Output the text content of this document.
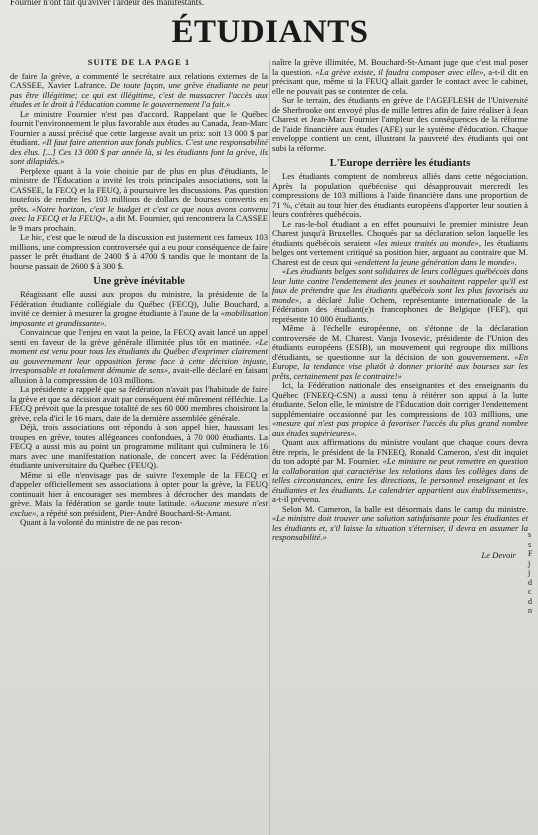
Fournier n'ont fait qu'aviver l'ardeur des manifestants.
ÉTUDIANTS
SUITE DE LA PAGE 1

de faire la grève, a commenté le secrétaire aux relations externes de la CASSEE, Xavier Lafrance. De toute façon, une grève étudiante ne peut pas être illégitime; ce qui est illégitime, c'est de massacrer l'accès aux études et le droit à l'éducation comme le gouvernement l'a fait.»

Le ministre Fournier n'est pas d'accord. Rappelant que le Québec fournit l'environnement le plus favorable aux études au Canada, Jean-Marc Fournier a aussi précisé que cette largesse avait un prix: soit 13 000 $ par étudiant. «Il faut faire attention aux fonds publics. C'est une responsabilité des élus. [...] Ces 13 000 $ par année là, si les étudiants font la grève, ils sont dilapidés.»

Perplexe quant à la voie choisie par de plus en plus d'étudiants, le ministre de l'Éducation a invité les trois principales associations, soit la CASSEE, la FECQ et la FEUQ, à poursuivre les discussions. Pas question toutefois de rendre les 103 millions de dollars de bourses convertis en prêts. «Notre horizon, c'est le budget et c'est ce que nous avons convenu avec la FECQ et la FEUQ», a dit M. Fournier, qui rencontrera la CASSEE le 9 mars prochain.

Le hic, c'est que le nœud de la discussion est justement ces fameux 103 millions, une compression controversée qui a eu pour conséquence de faire passer le prêt étudiant de 2400 $ à 4700 $ tandis que le montant de la bourse passait de 2600 $ à 300 $.

Une grève inévitable

Réagissant elle aussi aux propos du ministre, la présidente de la Fédération étudiante collégiale du Québec (FECQ), Julie Bouchard, a invité ce dernier à mesurer la grogne étudiante à l'aune de la «mobilisation imposante et grandissante».

Convaincue que l'enjeu en vaut la peine, la FECQ avait lancé un appel senti en faveur de la grève générale illimitée plus tôt en matinée. «Le moment est venu pour tous les étudiants du Québec d'exprimer clairement au gouvernement leur opposition ferme face à cette décision injuste, irresponsable et totalement démunie de sens», avait-elle déclaré en faisant allusion à la compression de 103 millions.

La présidente a rappelé que sa fédération n'avait pas l'habitude de faire la grève et que sa décision avait par conséquent été mûrement réfléchie. La FECQ prévoit que la presque totalité de ses 60 000 membres choisiront la grève, cela d'ici le 16 mars, date de la dernière assemblée générale.

Déjà, trois associations ont répondu à son appel hier, haussant les troupes en grève, toutes allégeances confondues, à 70 000 étudiants. La FECQ a aussi mis au point un programme militant qui culminera le 16 mars avec une manifestation nationale, de concert avec la Fédération étudiante universitaire du Québec (FEUQ).

Même si elle n'envisage pas de suivre l'exemple de la FECQ et d'appeler officiellement ses associations à opter pour la grève, la FEUQ continuait hier à encourager ses membres à décrocher des mandats de grève. Mais la fédération se garde toute latitude. «Aucune mesure n'est exclue», a répété son président, Pier-André Bouchard-St-Amant.

Quant à la volonté du ministre de ne pas recon-

naître la grève illimitée, M. Bouchard-St-Amant juge que c'est mal poser la question. «La grève existe, il faudra composer avec elle», a-t-il dit en précisant que, même si la FEUQ allait garder le contact avec le cabinet, elle ne pouvait pas se contenter de cela.

Sur le terrain, des étudiants en grève de l'AGEFLESH de l'Université de Sherbrooke ont envoyé plus de mille lettres afin de faire réaliser à Jean Charest et Jean-Marc Fournier l'ampleur des conséquences de la réforme de l'aide financière aux études (AFE) sur le système d'éducation. Chaque enveloppe contient un cent, illustrant la pauvreté des étudiants qui ont subi la réforme.

L'Europe derrière les étudiants

Les étudiants comptent de nombreux alliés dans cette négociation. Après la population québécoise qui désapprouvait mercredi les compressions de 103 millions à l'aide financière dans une proportion de 71 %, c'était au tour hier des étudiants européens d'apporter leur soutien à leurs confrères québécois.

Le ras-le-bol étudiant a en effet poursuivi le premier ministre Jean Charest jusqu'à Bruxelles. Choqués par sa déclaration selon laquelle les étudiants québécois seraient «les mieux traités au monde», les étudiants belges ont vertement critiqué sa position hier, arguant au contraire que M. Charest est de ceux qui «endettent la jeune génération dans le monde».

«Les étudiants belges sont solidaires de leurs collègues québécois dans leur lutte contre l'endettement des jeunes et souhaitent rappeler qu'il est faux de prétendre que les étudiants québécois sont les plus favorisés au monde», a déclaré Julie Ochem, représentante internationale de la Fédération des étudiant(e)s francophones de Belgique (FEF), qui représente 10 000 étudiants.

Même à l'échelle européenne, on s'étonne de la déclaration controversée de M. Charest. Vanja Ivosevic, présidente de l'Union des étudiants européens (ESIB), un mouvement qui regroupe dix millions d'étudiants, se questionne sur la décision de son gouvernement. «En Europe, la tendance vise plutôt à donner priorité aux bourses sur les prêts, certainement pas le contraire!»

Ici, la Fédération nationale des enseignantes et des enseignants du Québec (FNEEQ-CSN) a aussi tenu à réitérer son appui à la lutte étudiante. Selon elle, le ministre de l'Éducation doit corriger l'endettement supplémentaire occasionné par les compressions de 103 millions, une «mesure qui n'est pas propice à favoriser l'accès du plus grand nombre aux études supérieures».

Quant aux affirmations du ministre voulant que chaque cours devra être repris, le président de la FNEEQ, Ronald Cameron, s'est dit inquiet du ton adopté par M. Fournier. «Le ministre ne peut remettre en question la collaboration qui caractérise les relations dans les collèges dans de telles circonstances, entre les directions, le personnel enseignant et les étudiantes et les étudiants. Le calendrier appartient aux établissements», a-t-il prévenu.

Selon M. Cameron, la balle est désormais dans le camp du ministre. «Le ministre doit trouver une solution satisfaisante pour les étudiantes et les étudiants et, s'il laisse la situation s'éterniser, il devra en assumer la responsabilité.»

Le Devoir
s
s
F
j
j
d
c
d
n
